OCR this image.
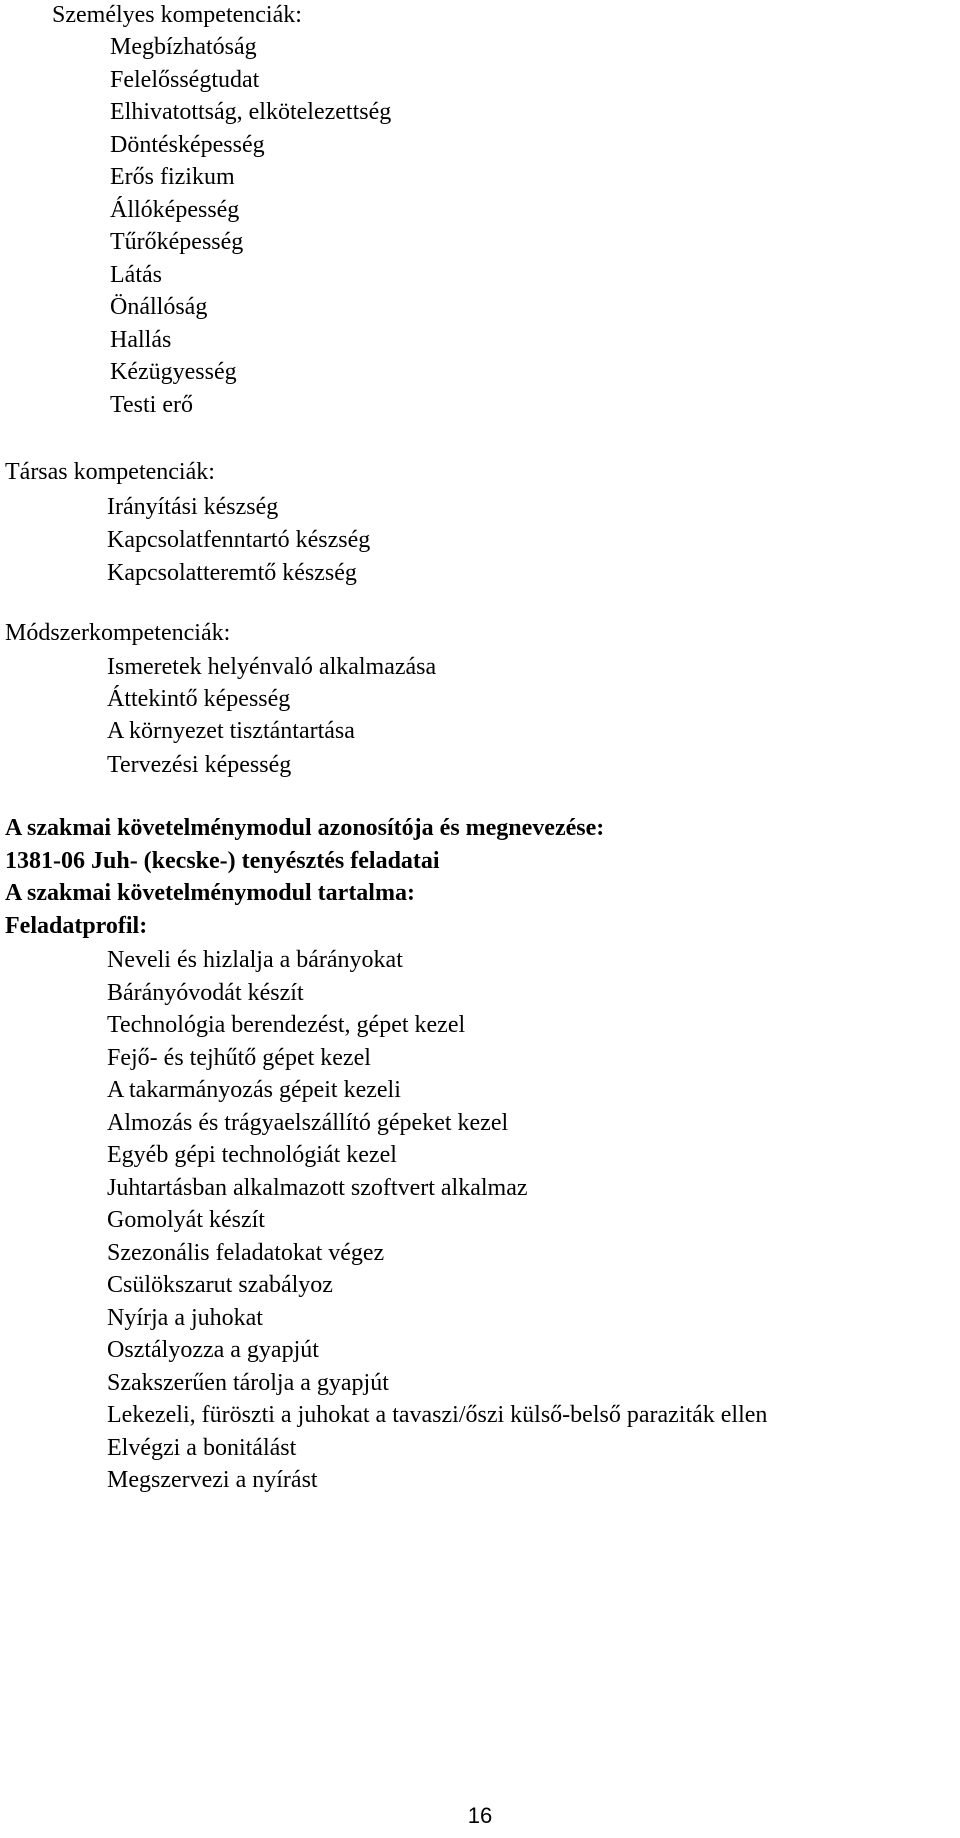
Személyes kompetenciák:
Megbízhatóság
Felelősségtudat
Elhivatottság, elkötelezettség
Döntésképesség
Erős fizikum
Állóképesség
Tűrőképesség
Látás
Önállóság
Hallás
Kézügyesség
Testi erő
Társas kompetenciák:
Irányítási készség
Kapcsolatfenntartó készség
Kapcsolatteremtő készség
Módszerkompetenciák:
Ismeretek helyénvaló alkalmazása
Áttekintő képesség
A környezet tisztántartása
Tervezési képesség
A szakmai követelménymodul azonosítója és megnevezése:
1381-06 Juh- (kecske-) tenyésztés feladatai
A szakmai követelménymodul tartalma:
Feladatprofil:
Neveli és hizlalja a bárányokat
Bárányóvodát készít
Technológia berendezést, gépet kezel
Fejő- és tejhűtő gépet kezel
A takarmányozás gépeit kezeli
Almozás és trágyaelszállító gépeket kezel
Egyéb gépi technológiát kezel
Juhtartásban alkalmazott szoftvert alkalmaz
Gomolyát készít
Szezonális feladatokat végez
Csülökszarut szabályoz
Nyírja a juhokat
Osztályozza a gyapjút
Szakszerűen tárolja a gyapjút
Lekezeli, füröszti a juhokat a tavaszi/őszi külső-belső paraziták ellen
Elvégzi a bonitálást
Megszervezi a nyírást
16
